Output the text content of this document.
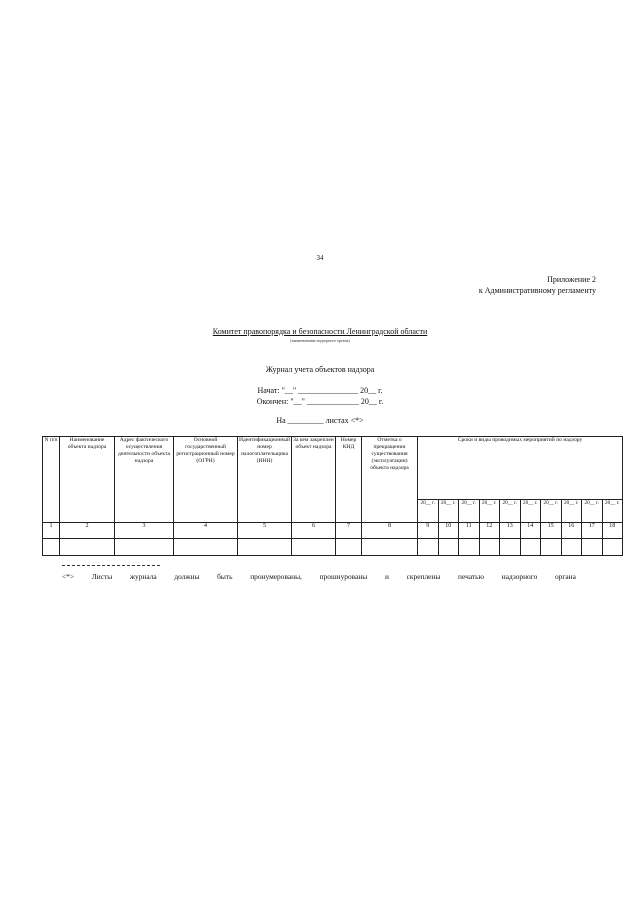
34
Приложение 2
к Административному регламенту
Комитет правопорядка и безопасности Ленинградской области
(наименование надзорного органа)
Журнал учета объектов надзора
Начат: "__" _______________ 20__ г.
Окончен: "__" _____________ 20__ г.
На _________ листах <*>
N п/п	Наименование объекта надзора	Адрес фактического осуществления деятельности объекта надзора	Основной государственный регистрационный номер (ОГРН)	Идентификационный номер налогоплательщика (ИНН)	За кем закреплен объект надзора	Номер КНД	Отметка о прекращении существования (эксплуатации) объекта надзора	Сроки и виды проводимых мероприятий по надзору									
								20__ г.	20__ г.	20__ г.	20__ г.	20__ г.	20__ г.	20__ г.	20__ г.	20__ г.	20__ г.
1	2	3	4	5	6	7	8	9	10	11	12	13	14	15	16	17	18

<*> Листы журнала должны быть пронумерованы, прошнурованы и скреплены печатью надзорного органа
